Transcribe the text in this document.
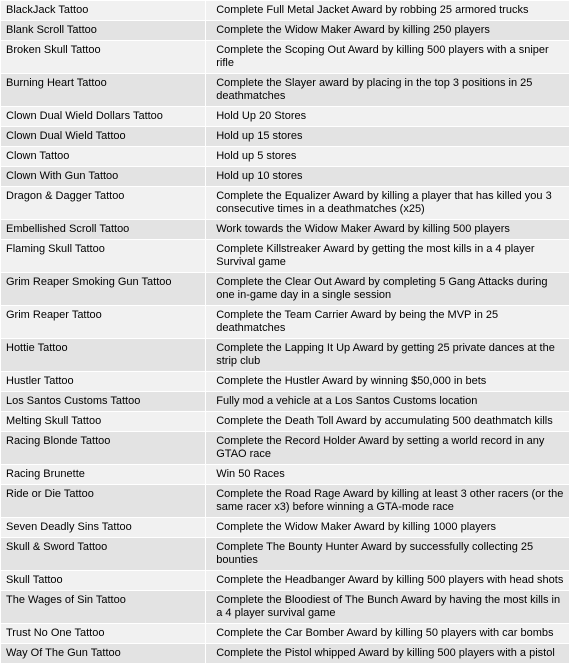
BlackJack Tattoo	Complete Full Metal Jacket Award by robbing 25 armored trucks
Blank Scroll Tattoo	Complete the Widow Maker Award by killing 250 players
Broken Skull Tattoo	Complete the Scoping Out Award by killing 500 players with a sniper rifle
Burning Heart Tattoo	Complete the Slayer award by placing in the top 3 positions in 25 deathmatches
Clown Dual Wield Dollars Tattoo	Hold Up 20 Stores
Clown Dual Wield Tattoo	Hold up 15 stores
Clown Tattoo	Hold up 5 stores
Clown With Gun Tattoo	Hold up 10 stores
Dragon & Dagger Tattoo	Complete the Equalizer Award by killing a player that has killed you 3 consecutive times in a deathmatches (x25)
Embellished Scroll Tattoo	Work towards the Widow Maker Award by killing 500 players
Flaming Skull Tattoo	Complete Killstreaker Award by getting the most kills in a 4 player Survival game
Grim Reaper Smoking Gun Tattoo	Complete the Clear Out Award by completing 5 Gang Attacks during one in-game day in a single session
Grim Reaper Tattoo	Complete the Team Carrier Award by being the MVP in 25 deathmatches
Hottie Tattoo	Complete the Lapping It Up Award by getting 25 private dances at the strip club
Hustler Tattoo	Complete the Hustler Award by winning $50,000 in bets
Los Santos Customs Tattoo	Fully mod a vehicle at a Los Santos Customs location
Melting Skull Tattoo	Complete the Death Toll Award by accumulating 500 deathmatch kills
Racing Blonde Tattoo	Complete the Record Holder Award by setting a world record in any GTAO race
Racing Brunette	Win 50 Races
Ride or Die Tattoo	Complete the Road Rage Award by killing at least 3 other racers (or the same racer x3) before winning a GTA-mode race
Seven Deadly Sins Tattoo	Complete the Widow Maker Award by killing 1000 players
Skull & Sword Tattoo	Complete The Bounty Hunter Award by successfully collecting 25 bounties
Skull Tattoo	Complete the Headbanger Award by killing 500 players with head shots
The Wages of Sin Tattoo	Complete the Bloodiest of The Bunch Award by having the most kills in a 4 player survival game
Trust No One Tattoo	Complete the Car Bomber Award by killing 50 players with car bombs
Way Of The Gun Tattoo	Complete the Pistol whipped Award by killing 500 players with a pistol
